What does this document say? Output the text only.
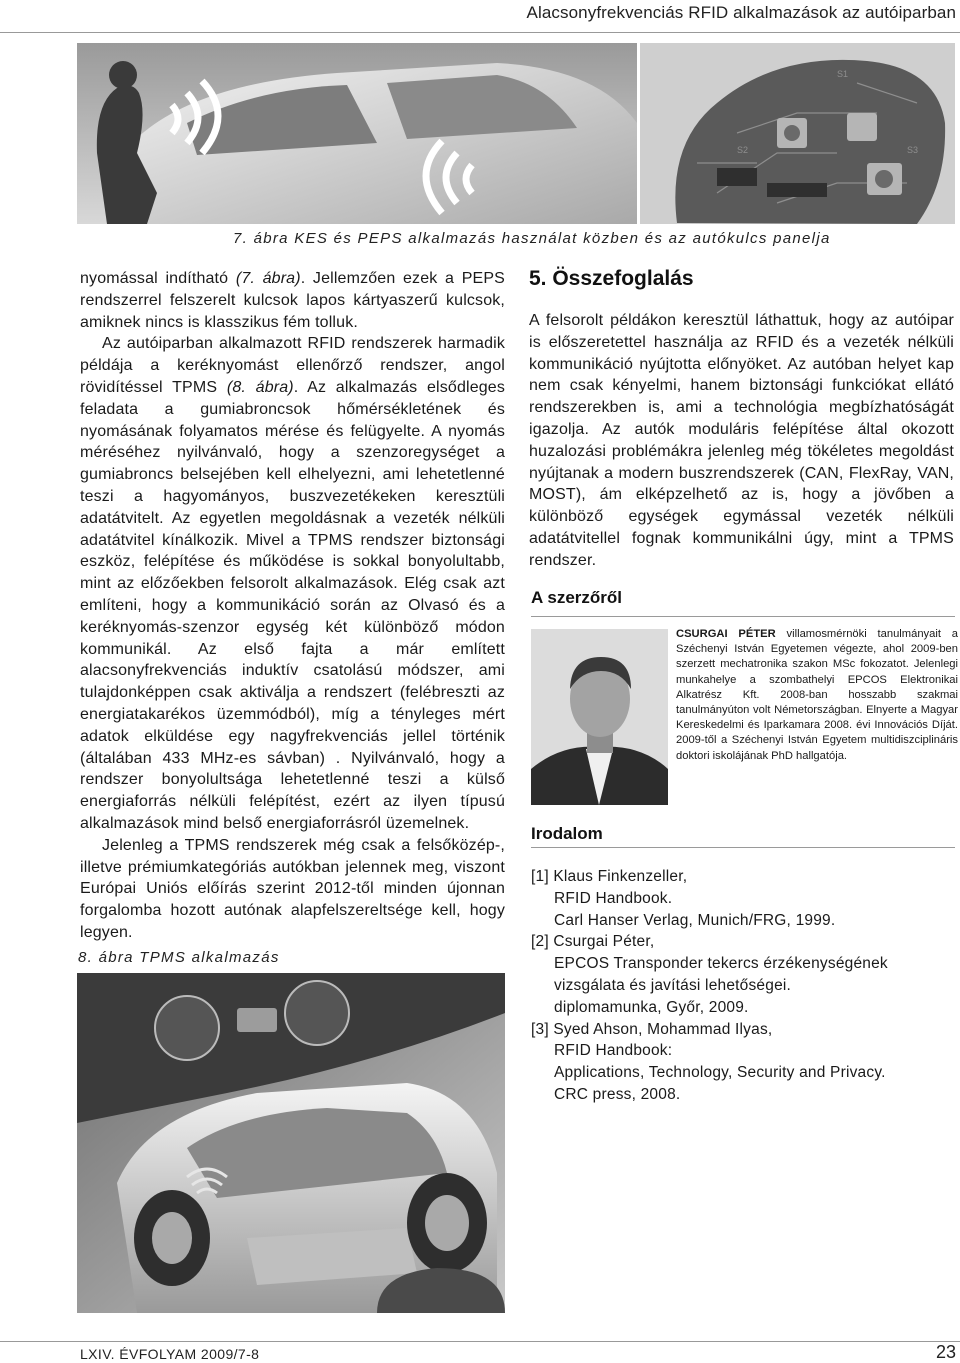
Alacsonyfrekvenciás RFID alkalmazások az autóiparban
S1
S2	S3
7. ábra KES és PEPS alkalmazás használat közben és az autókulcs panelja

nyomással indítható (7. ábra). Jellemzően ezek a PEPS rendszerrel felszerelt kulcsok lapos kártyaszerű kulcsok, amiknek nincs is klasszikus fém tolluk.

Az autóiparban alkalmazott RFID rendszerek harmadik példája a keréknyomást ellenőrző rendszer, angol rövidítéssel TPMS (8. ábra). Az alkalmazás elsődleges feladata a gumiabroncsok hőmérsékletének és nyomásának folyamatos mérése és felügyelte. A nyomás méréséhez nyilvánvaló, hogy a szenzoregységet a gumiabroncs belsejében kell elhelyezni, ami lehetetlenné teszi a hagyományos, buszvezetékeken keresztüli adatátvitelt. Az egyetlen megoldásnak a vezeték nélküli adatátvitel kínálkozik. Mivel a TPMS rendszer biztonsági eszköz, felépítése és működése is sokkal bonyolultabb, mint az előzőekben felsorolt alkalmazások. Elég csak azt említeni, hogy a kommunikáció során az Olvasó és a keréknyomás-szenzor egység két különböző módon kommunikál. Az első fajta a már említett alacsonyfrekvenciás induktív csatolású módszer, ami tulajdonképpen csak aktiválja a rendszert (felébreszti az energiatakarékos üzemmódból), míg a tényleges mért adatok elküldése egy nagyfrekvenciás jellel történik (általában 433 MHz-es sávban) . Nyilvánvaló, hogy a rendszer bonyolultsága lehetetlenné teszi a külső energiaforrás nélküli felépítést, ezért az ilyen típusú alkalmazások mind belső energiaforrásról üzemelnek.

Jelenleg a TPMS rendszerek még csak a felsőközép-, illetve prémiumkategóriás autókban jelennek meg, viszont Európai Uniós előírás szerint 2012-től minden újonnan forgalomba hozott autónak alapfelszereltsége kell, hogy legyen.

8. ábra TPMS alkalmazás
5. Összefoglalás

A felsorolt példákon keresztül láthattuk, hogy az autóipar is előszeretettel használja az RFID és a vezeték nélküli kommunikáció nyújtotta előnyöket. Az autóban helyet kap nem csak kényelmi, hanem biztonsági funkciókat ellátó rendszerekben is, ami a technológia megbízhatóságát igazolja. Az autók moduláris felépítése által okozott huzalozási problémákra jelenleg még tökéletes megoldást nyújtanak a modern buszrendszerek (CAN, FlexRay, VAN, MOST), ám elképzelhető az is, hogy a jövőben a különböző egységek egymással vezeték nélküli adatátvitellel fognak kommunikálni úgy, mint a TPMS rendszer.

A szerzőről
CSURGAI PÉTER villamosmérnöki tanulmányait a Széchenyi István Egyetemen végezte, ahol 2009-ben szerzett mechatronika szakon MSc fokozatot. Jelenlegi munkahelye a szombathelyi EPCOS Elektronikai Alkatrész Kft. 2008-ban hosszabb szakmai tanulmányúton volt Németországban. Elnyerte a Magyar Kereskedelmi és Iparkamara 2008. évi Innovációs Díját. 2009-től a Széchenyi István Egyetem multidiszciplináris doktori iskolájának PhD hallgatója.
Irodalom
[1] Klaus Finkenzeller,
RFID Handbook.
Carl Hanser Verlag, Munich/FRG, 1999.
[2] Csurgai Péter,
EPCOS Transponder tekercs érzékenységének
vizsgálata és javítási lehetőségei.
diplomamunka, Győr, 2009.
[3] Syed Ahson, Mohammad Ilyas,
RFID Handbook:
Applications, Technology, Security and Privacy.
CRC press, 2008.
LXIV. ÉVFOLYAM 2009/7-8	23
